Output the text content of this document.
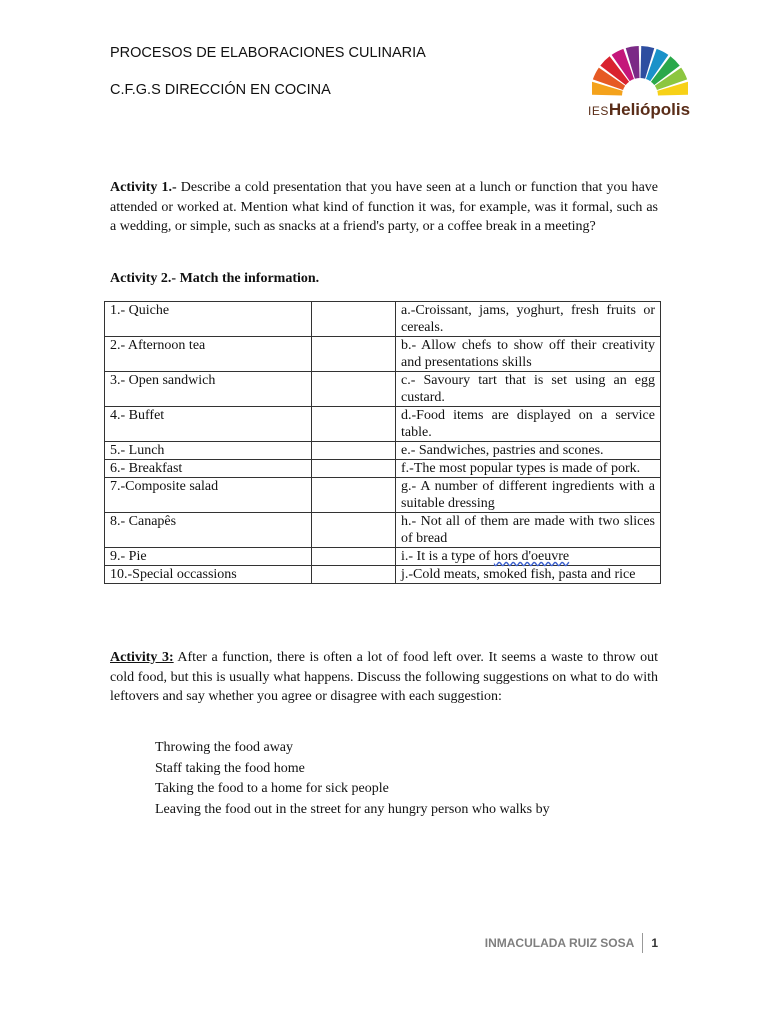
PROCESOS DE ELABORACIONES CULINARIA
C.F.G.S DIRECCIÓN EN COCINA
IESHeliópolis
Activity 1.- Describe a cold presentation that you have seen at a lunch or function that you have attended or worked at. Mention what kind of function it was, for example, was it formal, such as a wedding, or simple, such as snacks at a friend's party, or a coffee break in a meeting?
Activity 2.- Match the information.
1.- Quiche		a.-Croissant, jams, yoghurt, fresh fruits or cereals.
2.- Afternoon tea		b.- Allow chefs to show off their creativity and presentations skills
3.- Open sandwich		c.- Savoury tart that is set using an egg custard.
4.- Buffet		d.-Food items are displayed on a service table.
5.- Lunch		e.- Sandwiches, pastries and scones.
6.- Breakfast		f.-The most popular types is made of pork.
7.-Composite salad		g.- A number of different ingredients with a suitable dressing
8.- Canapês		h.- Not all of them are made with two slices of bread
9.- Pie		i.- It is a type of hors d'oeuvre
10.-Special occassions		j.-Cold meats, smoked fish, pasta and rice
Activity 3: After a function, there is often a lot of food left over. It seems a waste to throw out cold food, but this is usually what happens. Discuss the following suggestions on what to do with leftovers and say whether you agree or disagree with each suggestion:
Throwing the food away
Staff taking the food home
Taking the food to a home for sick people
Leaving the food out in the street for any hungry person who walks by
INMACULADA RUIZ SOSA 1
